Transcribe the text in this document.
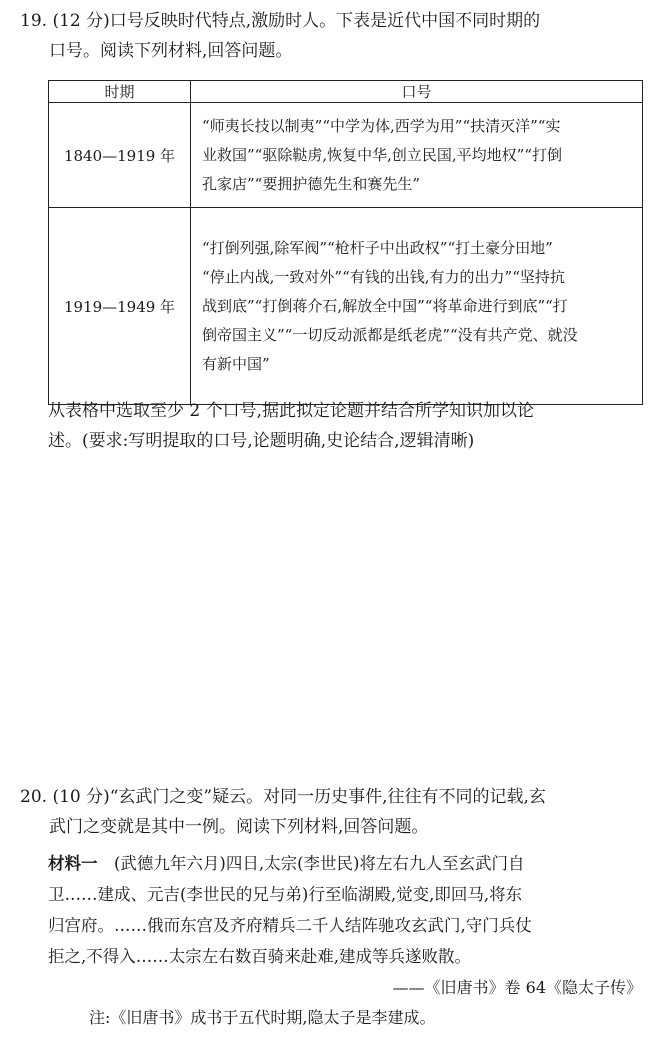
19. (12 分)口号反映时代特点,激励时人。下表是近代中国不同时期的
口号。阅读下列材料,回答问题。
时期	口号
1840—1919 年	“师夷长技以制夷”“中学为体,西学为用”“扶清灭洋”“实
业救国”“驱除鞑虏,恢复中华,创立民国,平均地权”“打倒
孔家店”“要拥护德先生和赛先生”

1919—1949 年	“打倒列强,除军阀”“枪杆子中出政权”“打土豪分田地”
“停止内战,一致对外”“有钱的出钱,有力的出力”“坚持抗
战到底”“打倒蒋介石,解放全中国”“将革命进行到底”“打
倒帝国主义”“一切反动派都是纸老虎”“没有共产党、就没
有新中国”
从表格中选取至少 2 个口号,据此拟定论题并结合所学知识加以论
述。(要求:写明提取的口号,论题明确,史论结合,逻辑清晰)
20. (10 分)“玄武门之变”疑云。对同一历史事件,往往有不同的记载,玄
武门之变就是其中一例。阅读下列材料,回答问题。
材料一　(武德九年六月)四日,太宗(李世民)将左右九人至玄武门自
卫……建成、元吉(李世民的兄与弟)行至临湖殿,觉变,即回马,将东
归宫府。……俄而东宫及齐府精兵二千人结阵驰攻玄武门,守门兵仗
拒之,不得入……太宗左右数百骑来赴难,建成等兵遂败散。
——《旧唐书》卷 64《隐太子传》
注:《旧唐书》成书于五代时期,隐太子是李建成。
